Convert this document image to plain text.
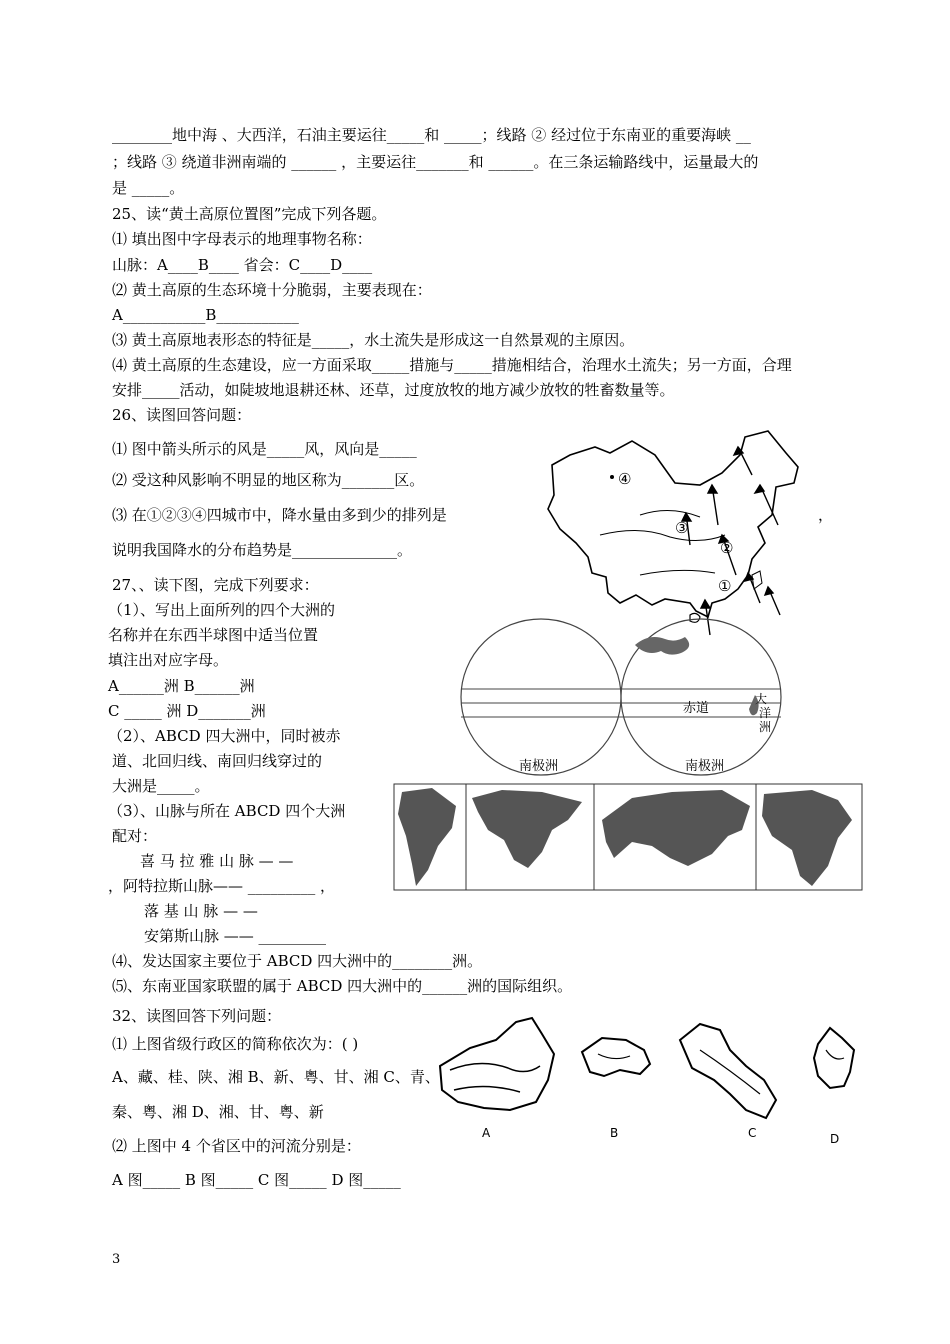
________地中海 、大西洋，石油主要运往_____和 _____；线路 ② 经过位于东南亚的重要海峡 __
；线路 ③ 绕道非洲南端的 ______ ，主要运往_______和 ______。在三条运输路线中，运量最大的
是 _____。
25、读“黄土高原位置图”完成下列各题。
⑴ 填出图中字母表示的地理事物名称：
山脉：A____B____ 省会：C____D____
⑵ 黄土高原的生态环境十分脆弱，主要表现在：
A___________B___________
⑶ 黄土高原地表形态的特征是_____，水土流失是形成这一自然景观的主原因。
⑷ 黄土高原的生态建设，应一方面采取_____措施与_____措施相结合，治理水土流失；另一方面，合理
安排_____活动，如陡坡地退耕还林、还草，过度放牧的地方减少放牧的牲畜数量等。
26、读图回答问题：
⑴ 图中箭头所示的风是_____风，风向是_____
⑵ 受这种风影响不明显的地区称为_______区。
⑶ 在①②③④四城市中，降水量由多到少的排列是	，
说明我国降水的分布趋势是______________。
④
③
②
①
27、、读下图，完成下列要求：
（1）、写出上面所列的四个大洲的
名称并在东西半球图中适当位置
填注出对应字母。
A______洲 B______洲
C _____ 洲 D_______洲
（2）、ABCD 四大洲中，同时被赤
道、北回归线、南回归线穿过的
大洲是_____。
（3）、山脉与所在 ABCD 四个大洲
配对：
喜 马 拉 雅 山 脉 — —
，阿特拉斯山脉—— _________ ，
落 基 山 脉 — —
安第斯山脉 —— _________
⑷、发达国家主要位于 ABCD 四大洲中的________洲。
⑸、东南亚国家联盟的属于 ABCD 四大洲中的______洲的国际组织。
赤道
大
洋
洲
南极洲	南极洲
32、读图回答下列问题：
⑴ 上图省级行政区的简称依次为：( )
A、藏、桂、陕、湘 B、新、粤、甘、湘 C、青、
秦、粤、湘 D、湘、甘、粤、新
⑵ 上图中 4 个省区中的河流分别是：
A 图_____ B 图_____ C 图_____ D 图_____
A	B	C	D
3
